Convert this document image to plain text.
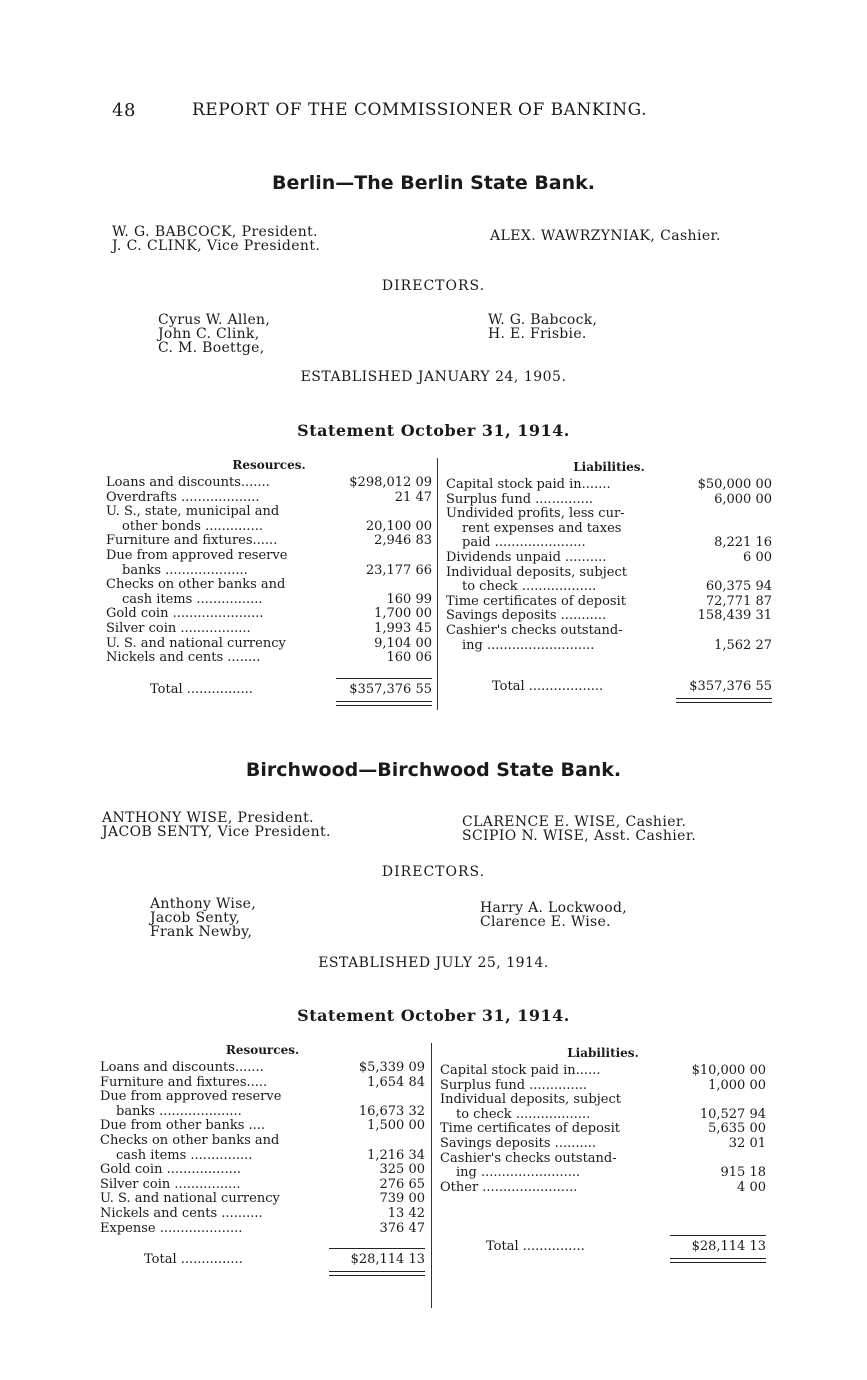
48	REPORT OF THE COMMISSIONER OF BANKING.
Berlin—The Berlin State Bank.
W. G. BABCOCK, President.
J. C. CLINK, Vice President.
ALEX. WAWRZYNIAK, Cashier.
DIRECTORS.
Cyrus W. Allen,
John C. Clink,
C. M. Boettge,
W. G. Babcock,
H. E. Frisbie.
ESTABLISHED JANUARY 24, 1905.
Statement October 31, 1914.
Resources.
Loans and discounts.......	$298,012 09
Overdrafts ...................	21 47
U. S., state, municipal and
other bonds ..............	20,100 00
Furniture and fixtures......	2,946 83
Due from approved reserve
banks ....................	23,177 66
Checks on other banks and
cash items ................	160 99
Gold coin ......................	1,700 00
Silver coin .................	1,993 45
U. S. and national currency	9,104 00
Nickels and cents ........	160 06
Total ................	$357,376 55
Liabilities.
Capital stock paid in.......	$50,000 00
Surplus fund ..............	6,000 00
Undivided profits, less cur-
rent expenses and taxes
paid ......................	8,221 16
Dividends unpaid ..........	6 00
Individual deposits, subject
to check ..................	60,375 94
Time certificates of deposit	72,771 87
Savings deposits ...........	158,439 31
Cashier's checks outstand-
ing ..........................	1,562 27
Total ..................	$357,376 55
Birchwood—Birchwood State Bank.
ANTHONY WISE, President.
JACOB SENTY, Vice President.
CLARENCE E. WISE, Cashier.
SCIPIO N. WISE, Asst. Cashier.
DIRECTORS.
Anthony Wise,
Jacob Senty,
Frank Newby,
Harry A. Lockwood,
Clarence E. Wise.
ESTABLISHED JULY 25, 1914.
Statement October 31, 1914.
Resources.
Loans and discounts.......	$5,339 09
Furniture and fixtures.....	1,654 84
Due from approved reserve
banks ....................	16,673 32
Due from other banks ....	1,500 00
Checks on other banks and
cash items ...............	1,216 34
Gold coin ..................	325 00
Silver coin ................	276 65
U. S. and national currency	739 00
Nickels and cents ..........	13 42
Expense ....................	376 47
Total ...............	$28,114 13
Liabilities.
Capital stock paid in......	$10,000 00
Surplus fund ..............	1,000 00
Individual deposits, subject
to check ..................	10,527 94
Time certificates of deposit	5,635 00
Savings deposits ..........	32 01
Cashier's checks outstand-
ing ........................	915 18
Other .......................	4 00
Total ...............	$28,114 13
